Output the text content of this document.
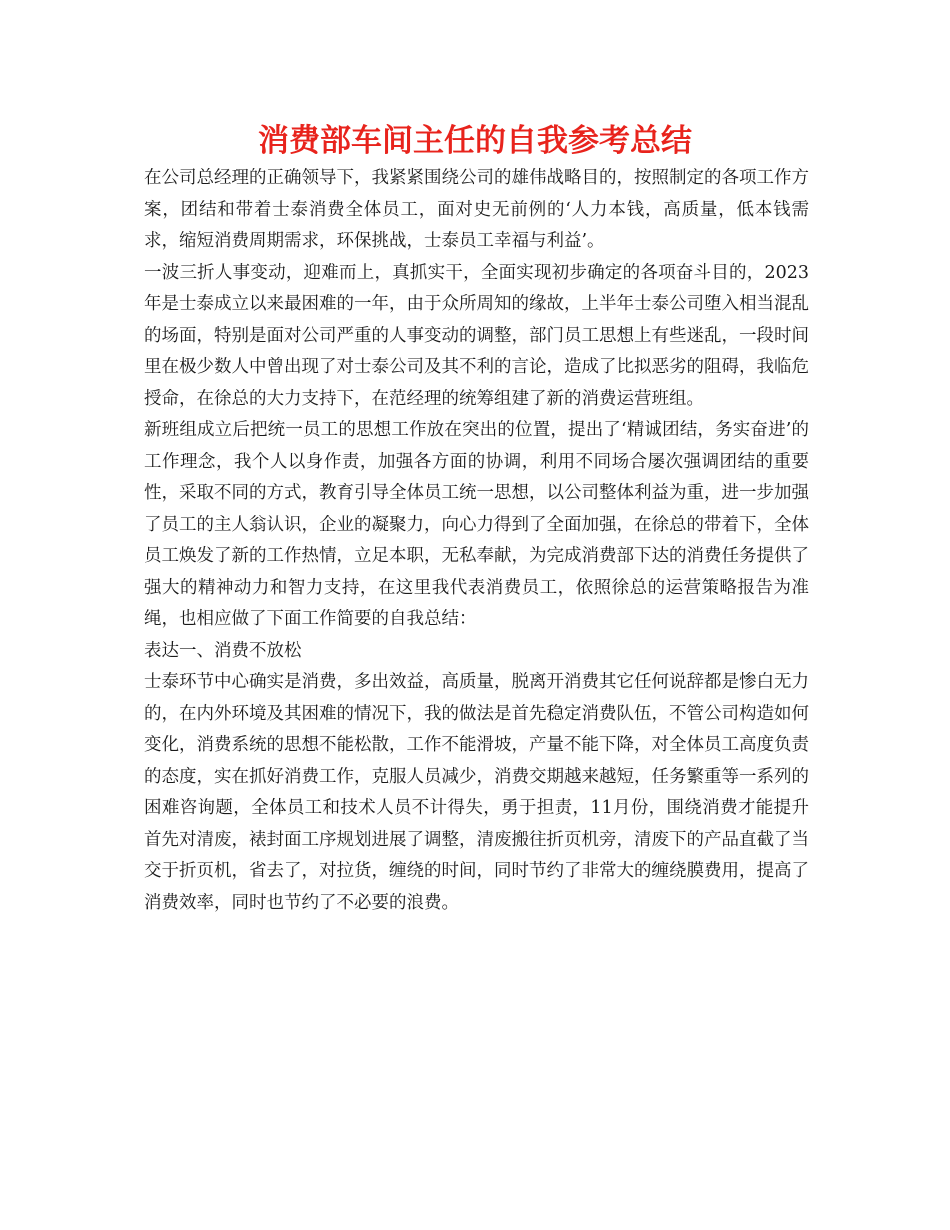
消费部车间主任的自我参考总结

在公司总经理的正确领导下，我紧紧围绕公司的雄伟战略目的，按照制定的各项工作方案，团结和带着士泰消费全体员工，面对史无前例的‘人力本钱，高质量，低本钱需求，缩短消费周期需求，环保挑战，士泰员工幸福与利益’。

一波三折人事变动，迎难而上，真抓实干，全面实现初步确定的各项奋斗目的，2023年是士泰成立以来最困难的一年，由于众所周知的缘故，上半年士泰公司堕入相当混乱的场面，特别是面对公司严重的人事变动的调整，部门员工思想上有些迷乱，一段时间里在极少数人中曾出现了对士泰公司及其不利的言论，造成了比拟恶劣的阻碍，我临危授命，在徐总的大力支持下，在范经理的统筹组建了新的消费运营班组。

新班组成立后把统一员工的思想工作放在突出的位置，提出了‘精诚团结，务实奋进’的工作理念，我个人以身作责，加强各方面的协调，利用不同场合屡次强调团结的重要性，采取不同的方式，教育引导全体员工统一思想，以公司整体利益为重，进一步加强了员工的主人翁认识，企业的凝聚力，向心力得到了全面加强，在徐总的带着下，全体员工焕发了新的工作热情，立足本职，无私奉献，为完成消费部下达的消费任务提供了强大的精神动力和智力支持，在这里我代表消费员工，依照徐总的运营策略报告为准绳，也相应做了下面工作简要的自我总结：

表达一、消费不放松

士泰环节中心确实是消费，多出效益，高质量，脱离开消费其它任何说辞都是惨白无力的，在内外环境及其困难的情况下，我的做法是首先稳定消费队伍，不管公司构造如何变化，消费系统的思想不能松散，工作不能滑坡，产量不能下降，对全体员工高度负责的态度，实在抓好消费工作，克服人员减少，消费交期越来越短，任务繁重等一系列的困难咨询题，全体员工和技术人员不计得失，勇于担责，11月份，围绕消费才能提升首先对清废，裱封面工序规划进展了调整，清废搬往折页机旁，清废下的产品直截了当交于折页机，省去了，对拉货，缠绕的时间，同时节约了非常大的缠绕膜费用，提高了消费效率，同时也节约了不必要的浪费。
